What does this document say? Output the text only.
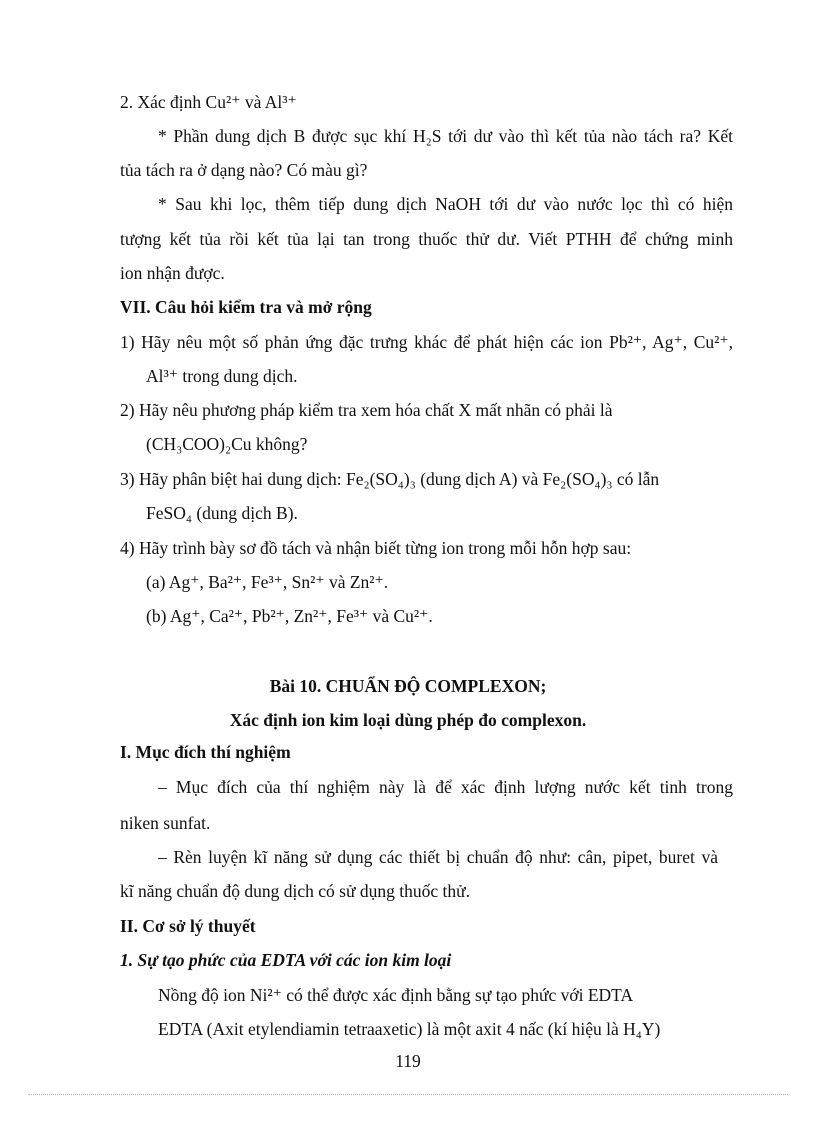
2. Xác định Cu²⁺ và Al³⁺
* Phần dung dịch B được sục khí H₂S tới dư vào thì kết tủa nào tách ra? Kết
tủa tách ra ở dạng nào? Có màu gì?
* Sau khi lọc, thêm tiếp dung dịch NaOH tới dư vào nước lọc thì có hiện
tượng kết tủa rồi kết tủa lại tan trong thuốc thử dư. Viết PTHH để chứng minh
ion nhận được.
VII. Câu hỏi kiểm tra và mở rộng
1) Hãy nêu một số phản ứng đặc trưng khác để phát hiện các ion Pb²⁺, Ag⁺, Cu²⁺,
Al³⁺ trong dung dịch.
2) Hãy nêu phương pháp kiểm tra xem hóa chất X mất nhãn có phải là
(CH₃COO)₂Cu không?
3) Hãy phân biệt hai dung dịch: Fe₂(SO₄)₃ (dung dịch A) và Fe₂(SO₄)₃ có lẫn
FeSO₄ (dung dịch B).
4) Hãy trình bày sơ đồ tách và nhận biết từng ion trong mỗi hỗn hợp sau:
(a) Ag⁺, Ba²⁺, Fe³⁺, Sn²⁺ và Zn²⁺.
(b) Ag⁺, Ca²⁺, Pb²⁺, Zn²⁺, Fe³⁺ và Cu²⁺.
Bài 10. CHUẨN ĐỘ COMPLEXON;
Xác định ion kim loại dùng phép đo complexon.
I. Mục đích thí nghiệm
– Mục đích của thí nghiệm này là để xác định lượng nước kết tinh trong
niken sunfat.
– Rèn luyện kĩ năng sử dụng các thiết bị chuẩn độ như: cân, pipet, buret và
kĩ năng chuẩn độ dung dịch có sử dụng thuốc thử.
II. Cơ sở lý thuyết
1. Sự tạo phức của EDTA với các ion kim loại
Nồng độ ion Ni²⁺ có thể được xác định bằng sự tạo phức với EDTA
EDTA (Axit etylendiamin tetraaxetic) là một axit 4 nấc (kí hiệu là H₄Y)
119
